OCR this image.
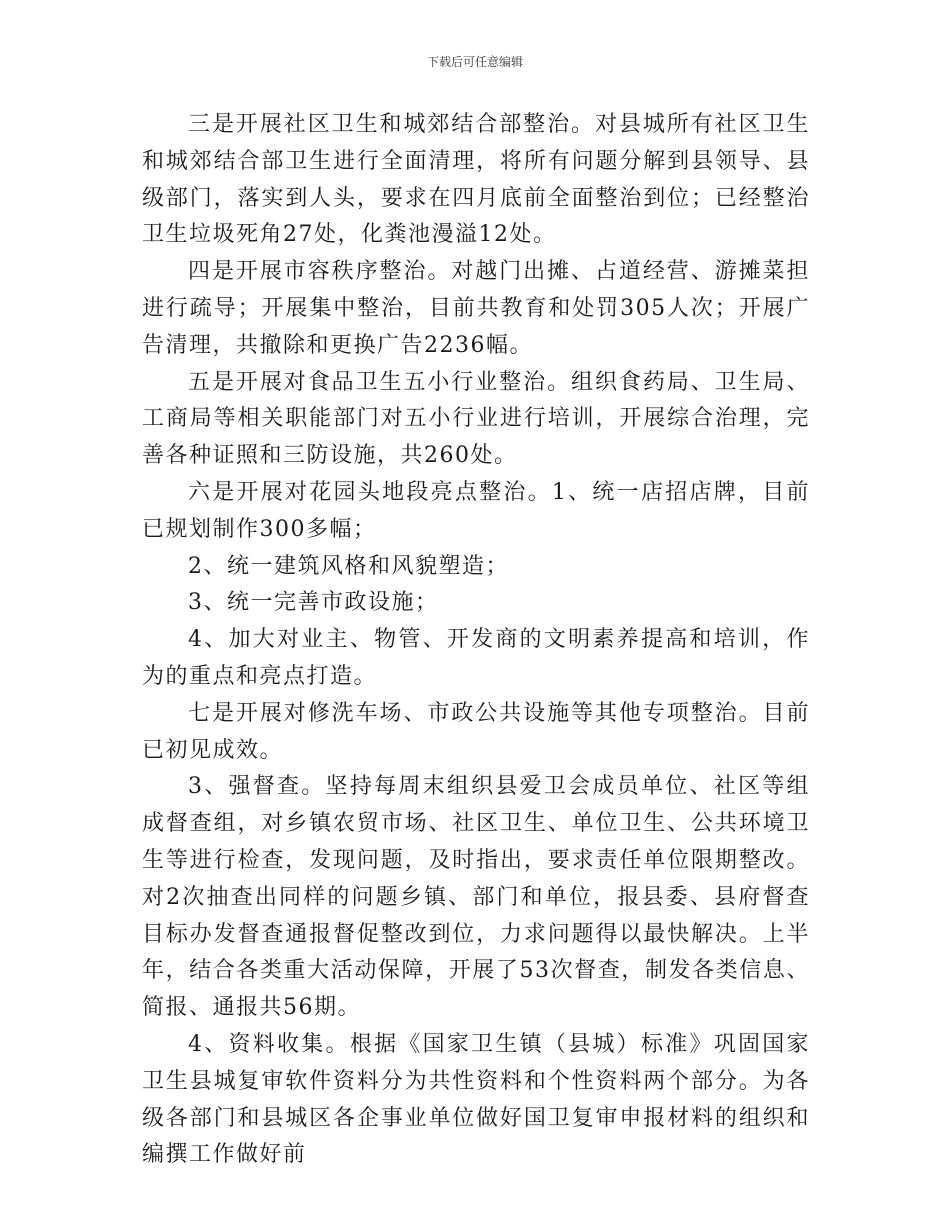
下载后可任意编辑

三是开展社区卫生和城郊结合部整治。对县城所有社区卫生和城郊结合部卫生进行全面清理，将所有问题分解到县领导、县级部门，落实到人头，要求在四月底前全面整治到位；已经整治卫生垃圾死角27处，化粪池漫溢12处。

四是开展市容秩序整治。对越门出摊、占道经营、游摊菜担进行疏导；开展集中整治，目前共教育和处罚305人次；开展广告清理，共撤除和更换广告2236幅。

五是开展对食品卫生五小行业整治。组织食药局、卫生局、工商局等相关职能部门对五小行业进行培训，开展综合治理，完善各种证照和三防设施，共260处。

六是开展对花园头地段亮点整治。1、统一店招店牌，目前已规划制作300多幅；

2、统一建筑风格和风貌塑造；

3、统一完善市政设施；

4、加大对业主、物管、开发商的文明素养提高和培训，作为的重点和亮点打造。

七是开展对修洗车场、市政公共设施等其他专项整治。目前已初见成效。

3、强督查。坚持每周末组织县爱卫会成员单位、社区等组成督查组，对乡镇农贸市场、社区卫生、单位卫生、公共环境卫生等进行检查，发现问题，及时指出，要求责任单位限期整改。对2次抽查出同样的问题乡镇、部门和单位，报县委、县府督查目标办发督查通报督促整改到位，力求问题得以最快解决。上半年，结合各类重大活动保障，开展了53次督查，制发各类信息、简报、通报共56期。

4、资料收集。根据《国家卫生镇（县城）标准》巩固国家卫生县城复审软件资料分为共性资料和个性资料两个部分。为各级各部门和县城区各企事业单位做好国卫复审申报材料的组织和编撰工作做好前
